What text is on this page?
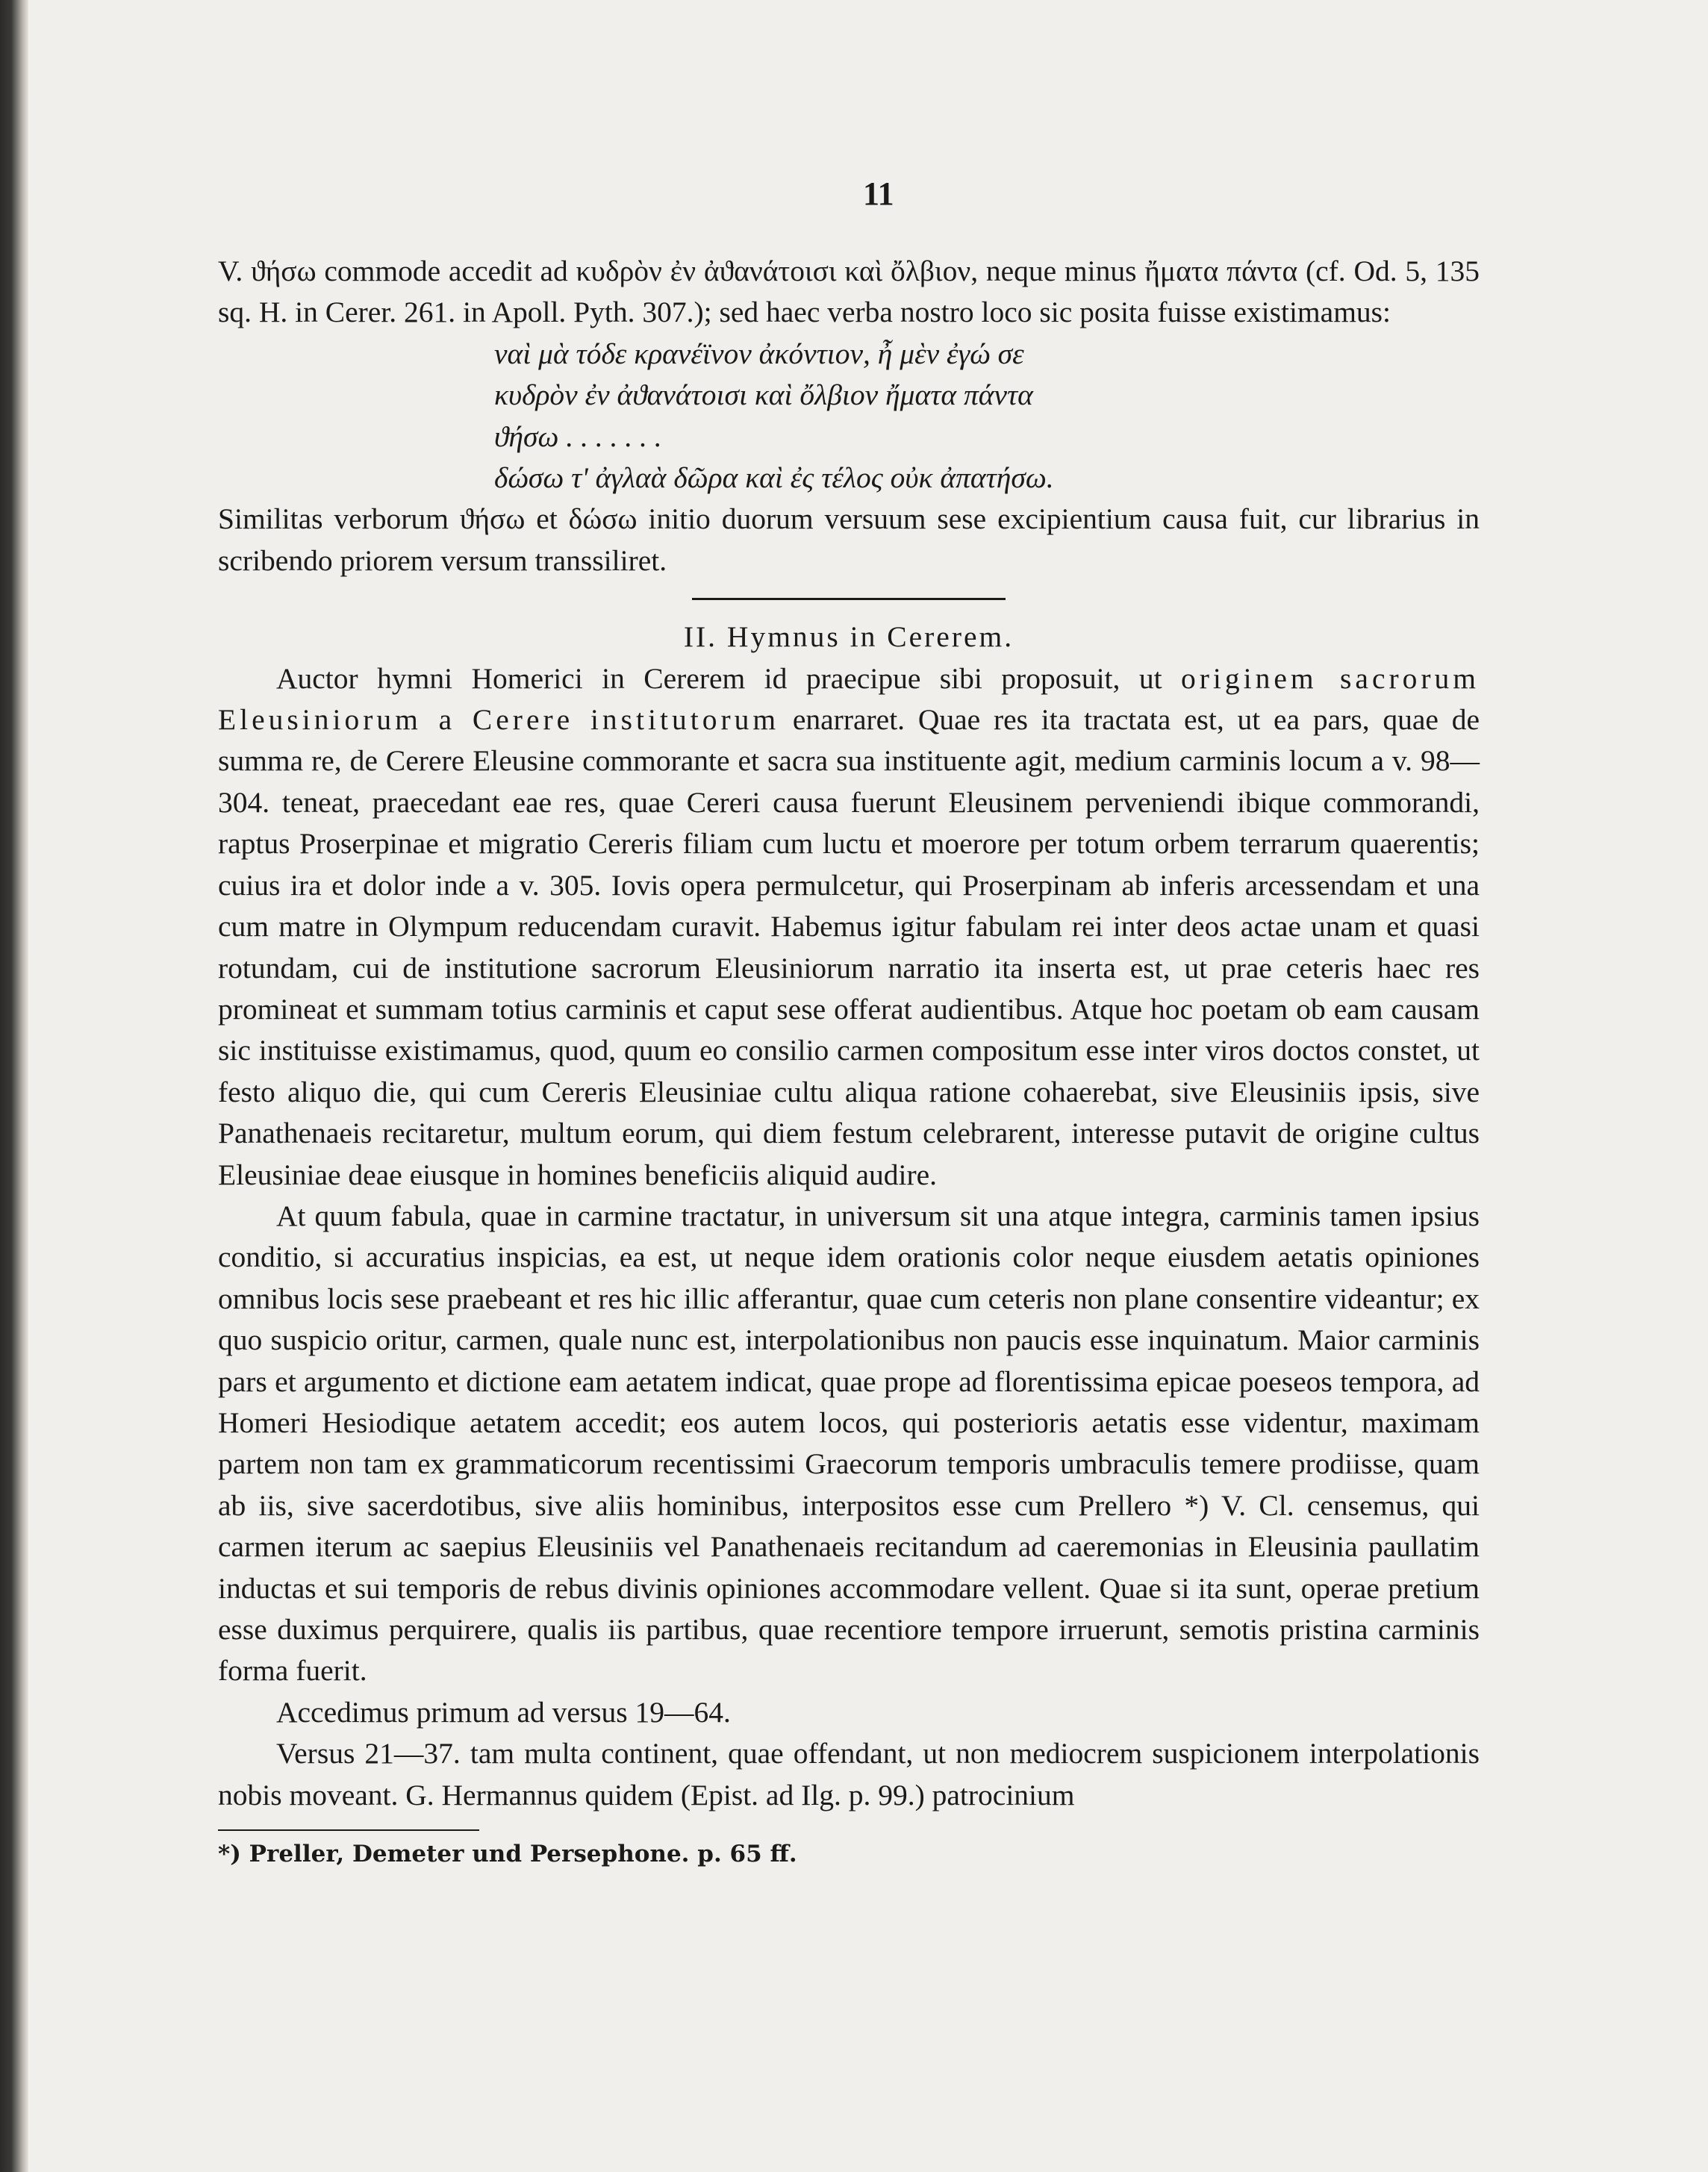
11

V. ϑήσω commode accedit ad κυδρὸν ἐν ἀϑανάτοισι καὶ ὄλβιον, neque minus ἤματα πάντα (cf. Od. 5, 135 sq. H. in Cerer. 261. in Apoll. Pyth. 307.); sed haec verba nostro loco sic posita fuisse existimamus:

ναὶ μὰ τόδε κρανέϊνον ἀκόντιον, ἦ μὲν ἐγώ σε
κυδρὸν ἐν ἀϑανάτοισι καὶ ὄλβιον ἤματα πάντα
ϑήσω . . . . . . .
δώσω τ' ἀγλαὰ δῶρα καὶ ἐς τέλος οὐκ ἀπατήσω.

Similitas verborum ϑήσω et δώσω initio duorum versuum sese excipientium causa fuit, cur librarius in scribendo priorem versum transsiliret.

II. Hymnus in Cererem.

Auctor hymni Homerici in Cererem id praecipue sibi proposuit, ut originem sacrorum Eleusiniorum a Cerere institutorum enarraret. Quae res ita tractata est, ut ea pars, quae de summa re, de Cerere Eleusine commorante et sacra sua instituente agit, medium carminis locum a v. 98—304. teneat, praecedant eae res, quae Cereri causa fuerunt Eleusinem perveniendi ibique commorandi, raptus Proserpinae et migratio Cereris filiam cum luctu et moerore per totum orbem terrarum quaerentis; cuius ira et dolor inde a v. 305. Iovis opera permulcetur, qui Proserpinam ab inferis arcessendam et una cum matre in Olympum reducendam curavit. Habemus igitur fabulam rei inter deos actae unam et quasi rotundam, cui de institutione sacrorum Eleusiniorum narratio ita inserta est, ut prae ceteris haec res promineat et summam totius carminis et caput sese offerat audientibus. Atque hoc poetam ob eam causam sic instituisse existimamus, quod, quum eo consilio carmen compositum esse inter viros doctos constet, ut festo aliquo die, qui cum Cereris Eleusiniae cultu aliqua ratione cohaerebat, sive Eleusiniis ipsis, sive Panathenaeis recitaretur, multum eorum, qui diem festum celebrarent, interesse putavit de origine cultus Eleusiniae deae eiusque in homines beneficiis aliquid audire.

At quum fabula, quae in carmine tractatur, in universum sit una atque integra, carminis tamen ipsius conditio, si accuratius inspicias, ea est, ut neque idem orationis color neque eiusdem aetatis opiniones omnibus locis sese praebeant et res hic illic afferantur, quae cum ceteris non plane consentire videantur; ex quo suspicio oritur, carmen, quale nunc est, interpolationibus non paucis esse inquinatum. Maior carminis pars et argumento et dictione eam aetatem indicat, quae prope ad florentissima epicae poeseos tempora, ad Homeri Hesiodique aetatem accedit; eos autem locos, qui posterioris aetatis esse videntur, maximam partem non tam ex grammaticorum recentissimi Graecorum temporis umbraculis temere prodiisse, quam ab iis, sive sacerdotibus, sive aliis hominibus, interpositos esse cum Prellero *) V. Cl. censemus, qui carmen iterum ac saepius Eleusiniis vel Panathenaeis recitandum ad caeremonias in Eleusinia paullatim inductas et sui temporis de rebus divinis opiniones accommodare vellent. Quae si ita sunt, operae pretium esse duximus perquirere, qualis iis partibus, quae recentiore tempore irruerunt, semotis pristina carminis forma fuerit.

Accedimus primum ad versus 19—64.

Versus 21—37. tam multa continent, quae offendant, ut non mediocrem suspicionem interpolationis nobis moveant. G. Hermannus quidem (Epist. ad Ilg. p. 99.) patrocinium

*) Preller, Demeter und Persephone. p. 65 ff.
